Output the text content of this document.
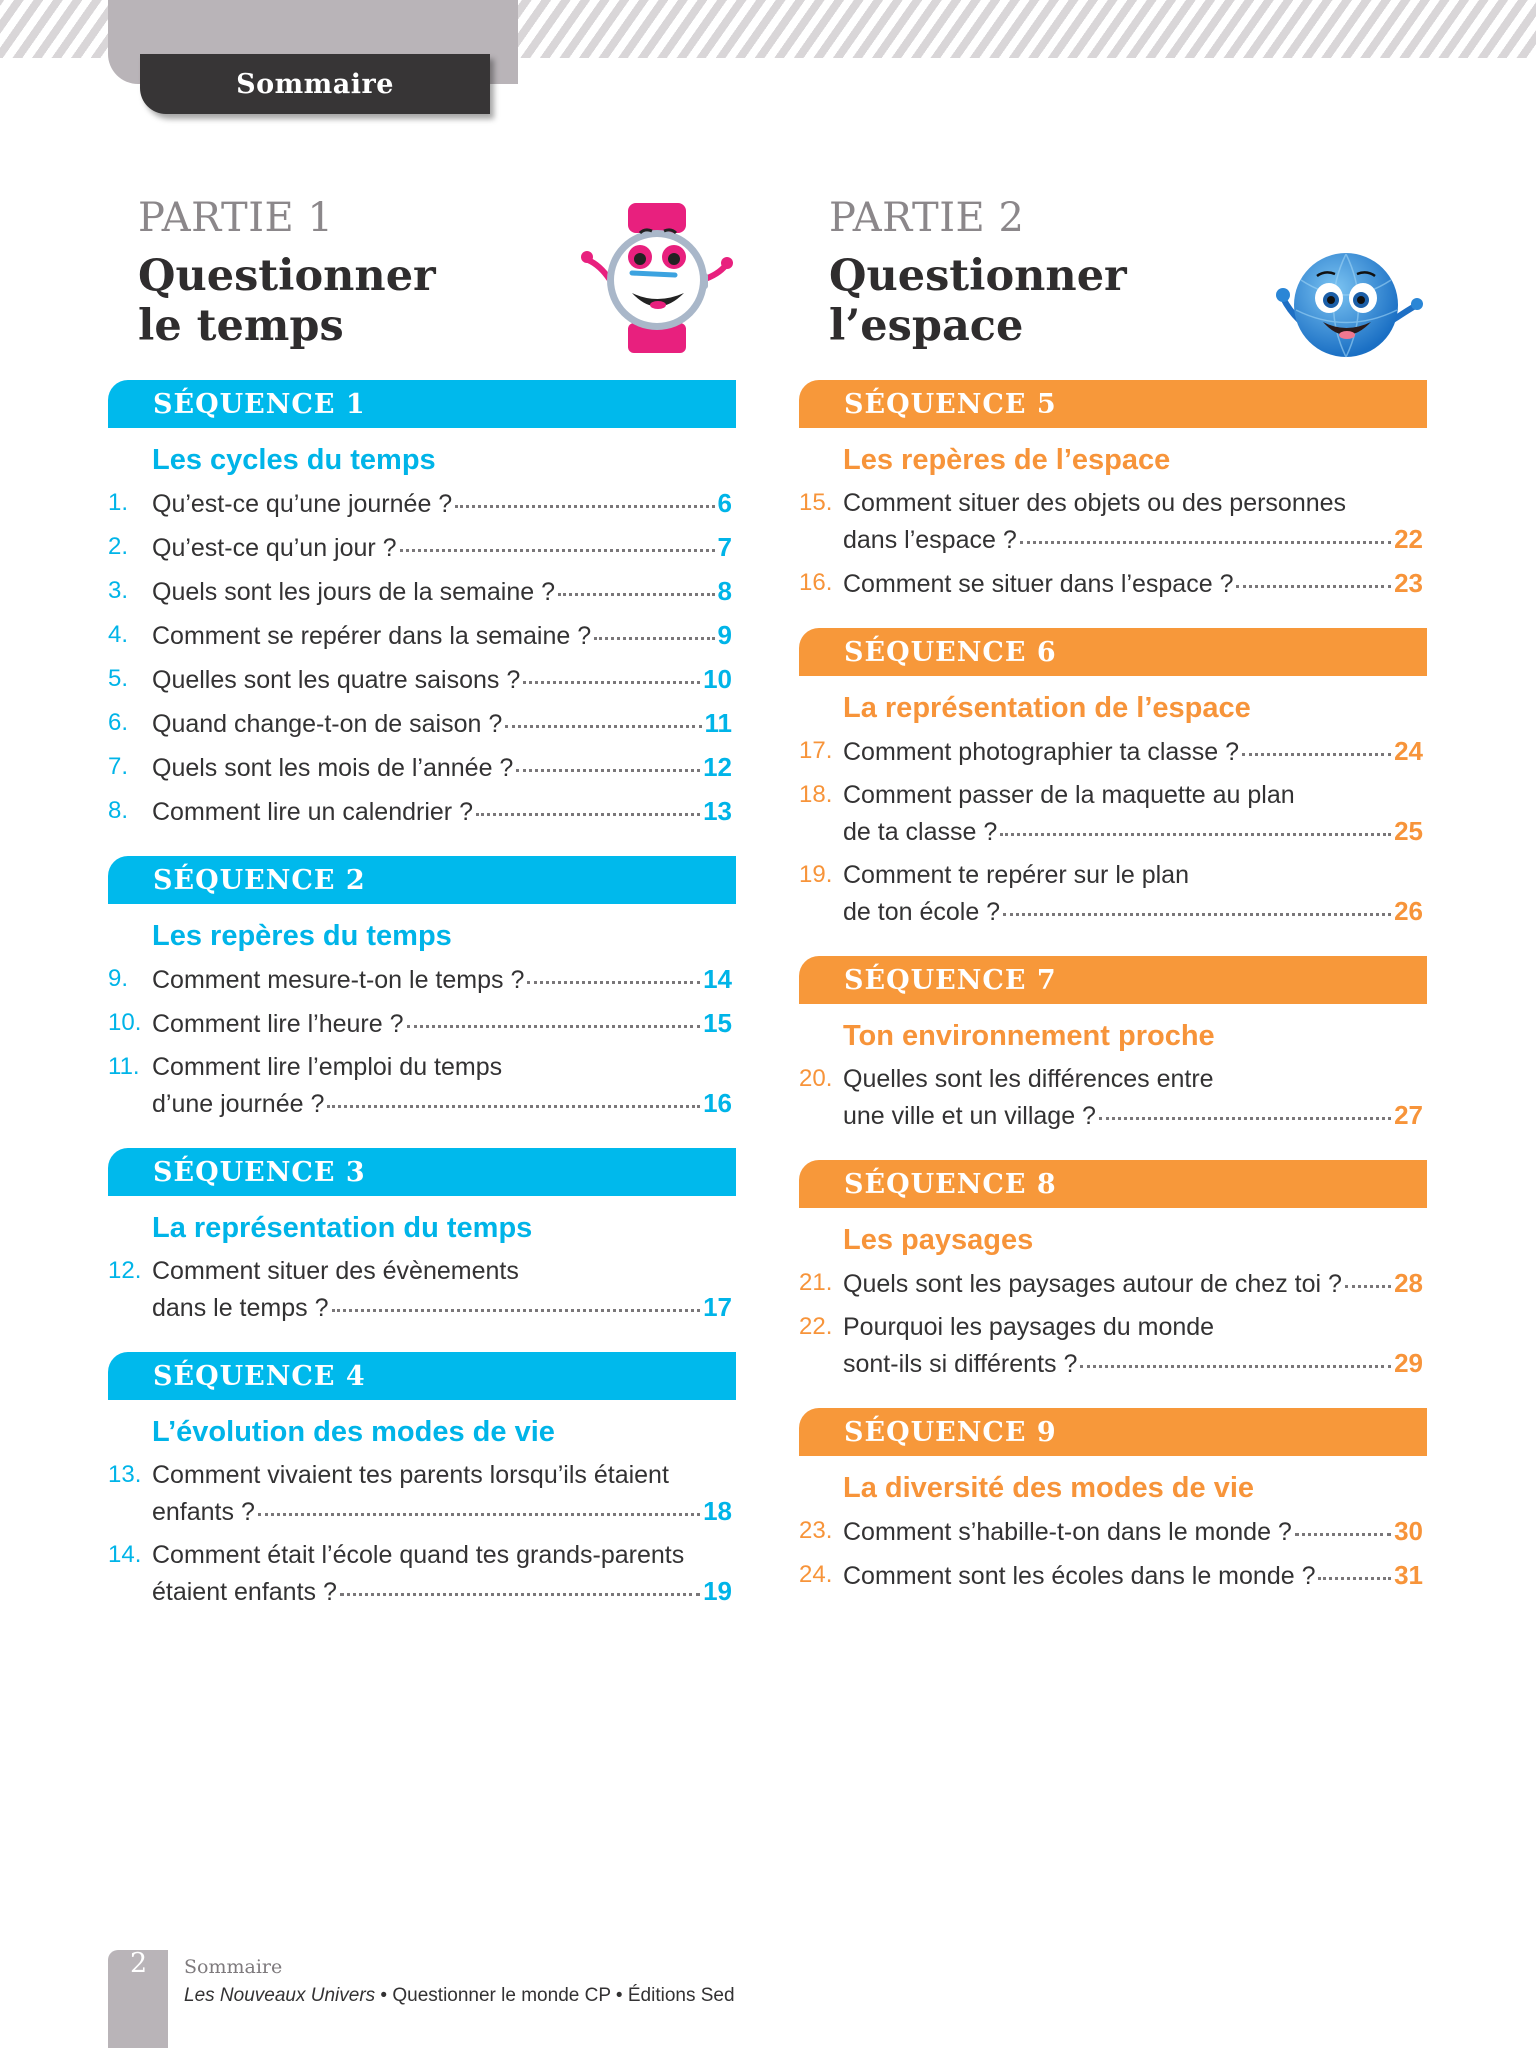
Sommaire
PARTIE 1
Questionner
le temps
SÉQUENCE 1
Les cycles du temps
1. Qu’est-ce qu’une journée ?	6
2. Qu’est-ce qu’un jour ?	7
3. Quels sont les jours de la semaine ?	8
4. Comment se repérer dans la semaine ?	9
5. Quelles sont les quatre saisons ?	10
6. Quand change-t-on de saison ?	11
7. Quels sont les mois de l’année ?	12
8. Comment lire un calendrier ?	13
SÉQUENCE 2
Les repères du temps
9. Comment mesure-t-on le temps ?	14
10. Comment lire l’heure ?	15
11. Comment lire l’emploi du temps
d’une journée ?	16
SÉQUENCE 3
La représentation du temps
12. Comment situer des évènements
dans le temps ?	17
SÉQUENCE 4
L’évolution des modes de vie
13. Comment vivaient tes parents lorsqu’ils étaient
enfants ?	18
14. Comment était l’école quand tes grands-parents
étaient enfants ?	19
PARTIE 2
Questionner
l’espace
SÉQUENCE 5
Les repères de l’espace
15. Comment situer des objets ou des personnes
dans l’espace ?	22
16. Comment se situer dans l’espace ?	23
SÉQUENCE 6
La représentation de l’espace
17. Comment photographier ta classe ?	24
18. Comment passer de la maquette au plan
de ta classe ?	25
19. Comment te repérer sur le plan
de ton école ?	26
SÉQUENCE 7
Ton environnement proche
20. Quelles sont les différences entre
une ville et un village ?	27
SÉQUENCE 8
Les paysages
21. Quels sont les paysages autour de chez toi ? 28
22. Pourquoi les paysages du monde
sont-ils si différents ?	29
SÉQUENCE 9
La diversité des modes de vie
23. Comment s’habille-t-on dans le monde ?	30
24. Comment sont les écoles dans le monde ?	31
2 Sommaire
Les Nouveaux Univers • Questionner le monde CP • Éditions Sed
